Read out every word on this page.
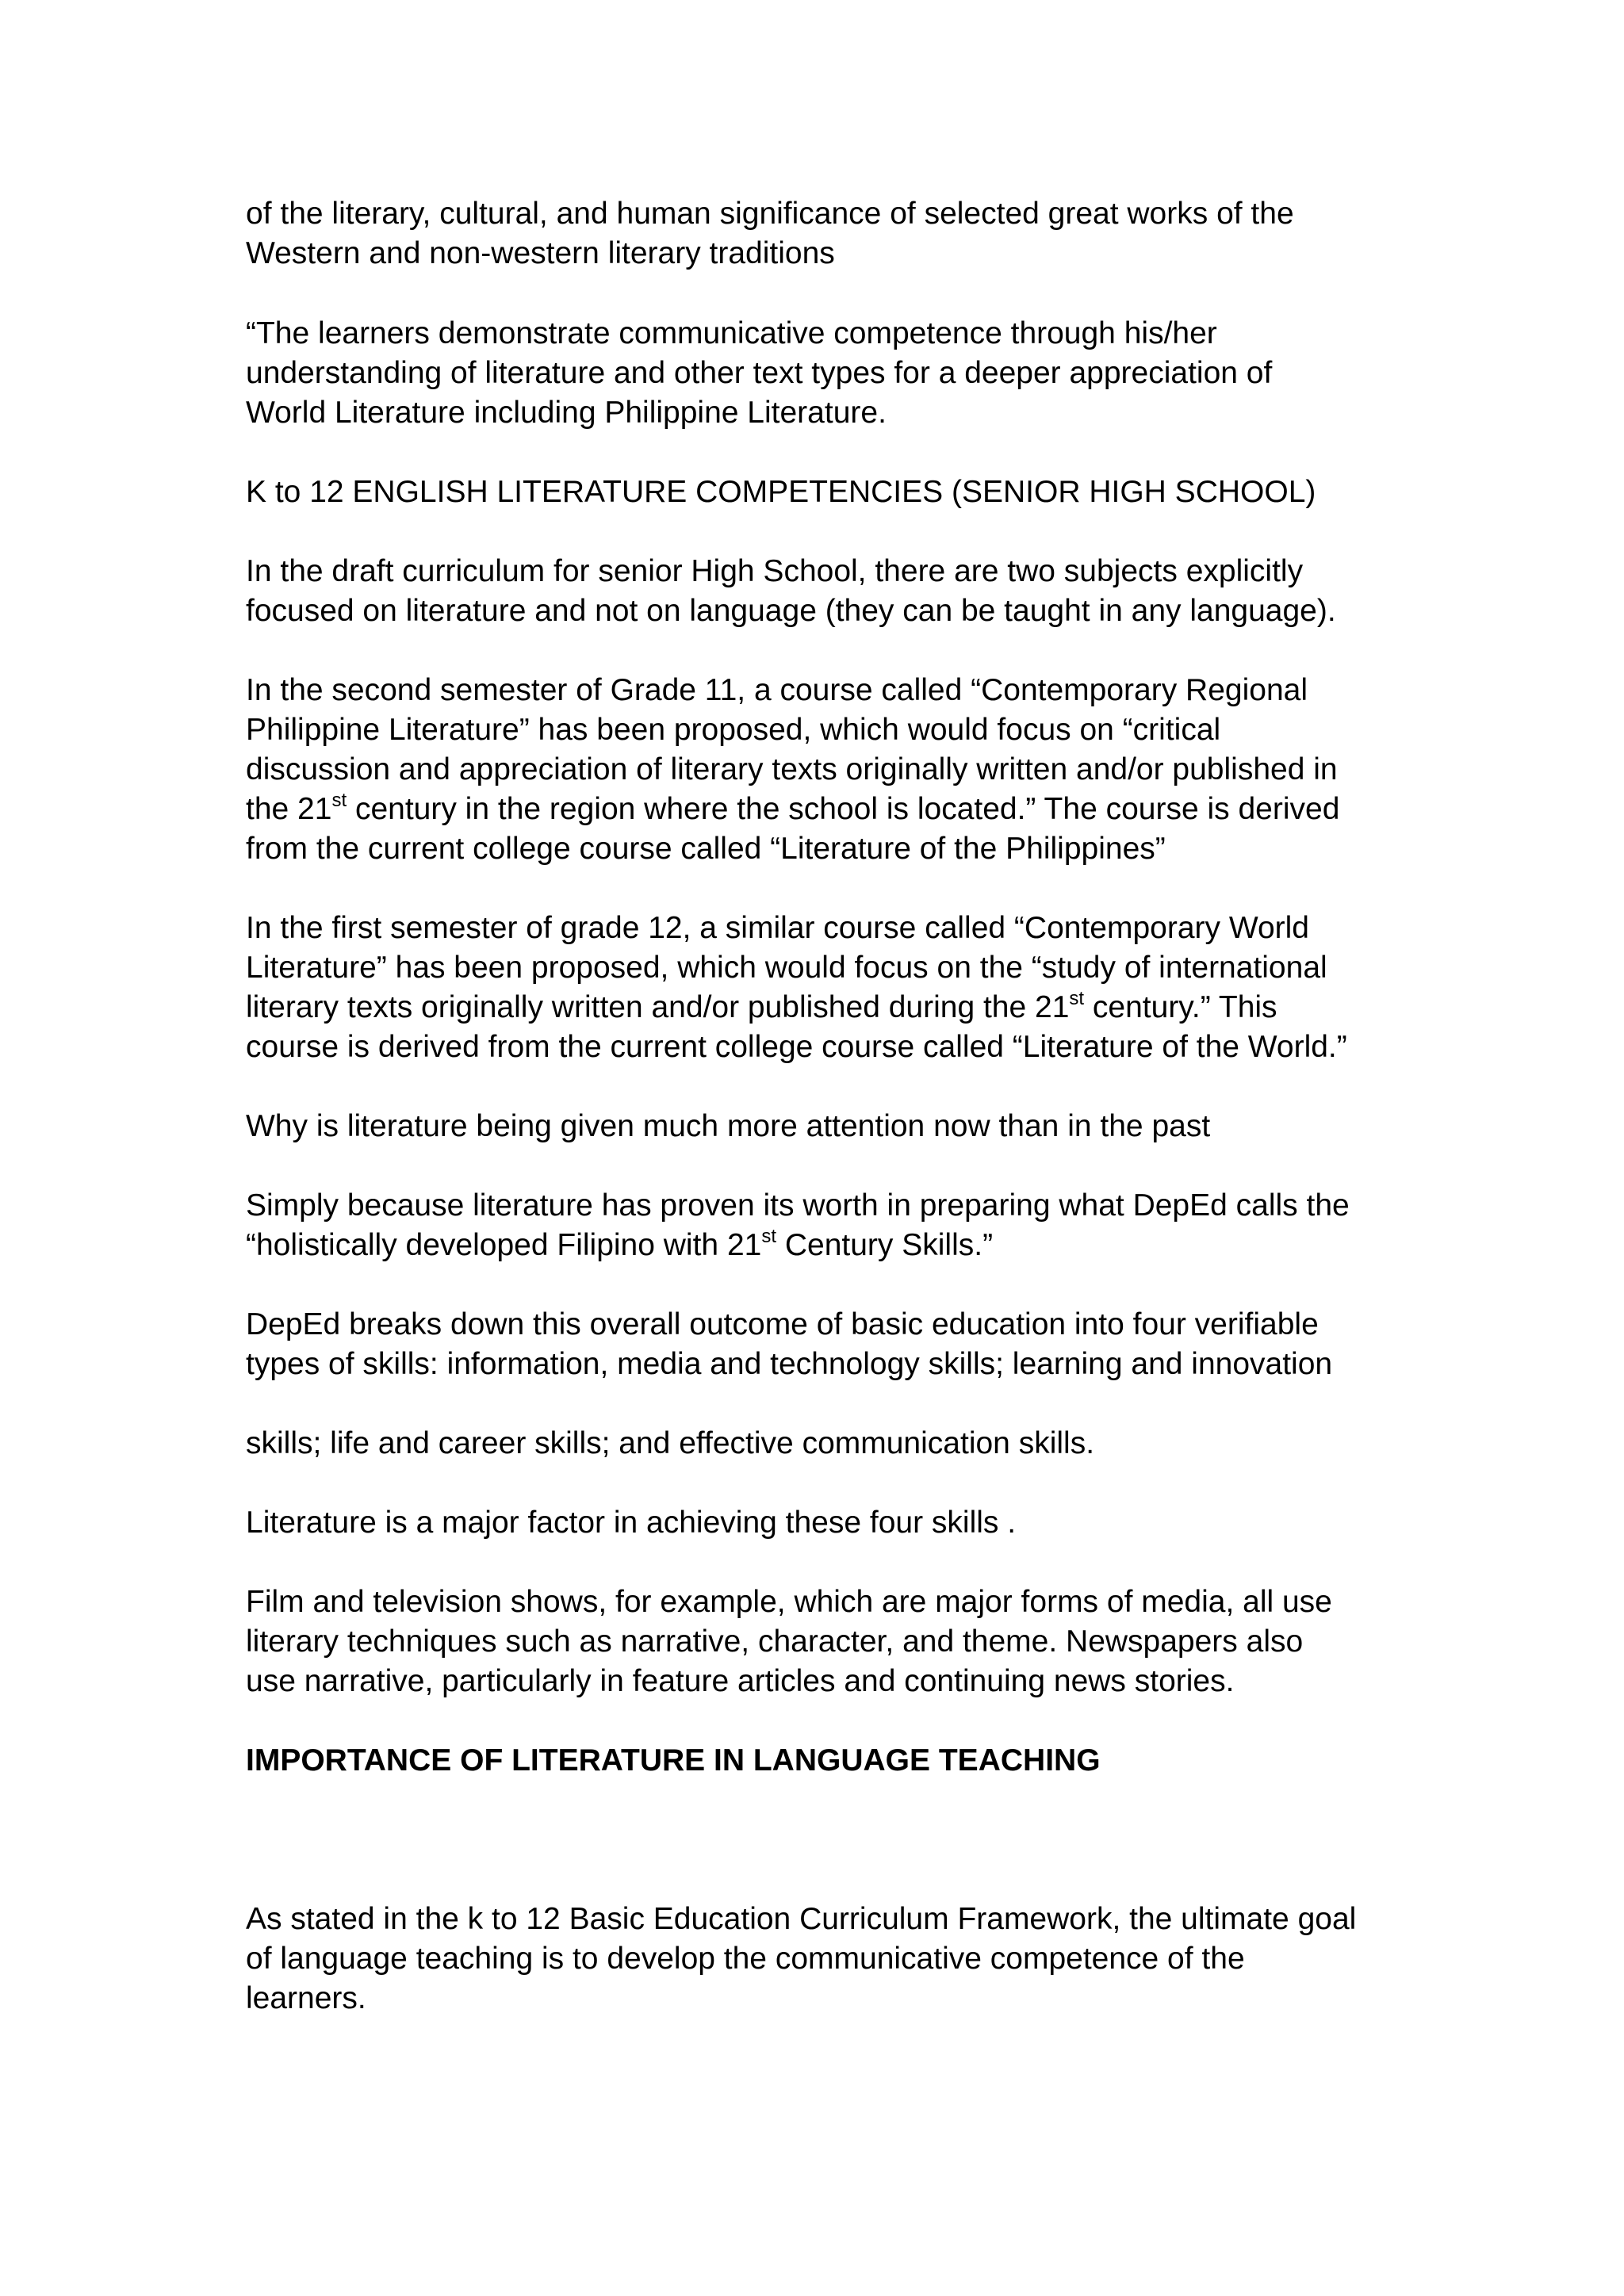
of the literary, cultural, and human significance of selected great works of the
Western and non-western literary traditions
“The learners demonstrate communicative competence through his/her
understanding of literature and other text types for a deeper appreciation of
World Literature including Philippine Literature.
K to 12 ENGLISH LITERATURE COMPETENCIES (SENIOR HIGH SCHOOL)
In the draft curriculum for senior High School, there are two subjects explicitly
focused on literature and not on language (they can be taught in any language).
In the second semester of Grade 11, a course called “Contemporary Regional
Philippine Literature” has been proposed, which would focus on “critical
discussion and appreciation of literary texts originally written and/or published in
the 21st century in the region where the school is located.” The course is derived
from the current college course called “Literature of the Philippines”
In the first semester of grade 12, a similar course called “Contemporary World
Literature” has been proposed, which would focus on the “study of international
literary texts originally written and/or published during the 21st century.” This
course is derived from the current college course called “Literature of the World.”
Why is literature being given much more attention now than in the past
Simply because literature has proven its worth in preparing what DepEd calls the
“holistically developed Filipino with 21st Century Skills.”
DepEd breaks down this overall outcome of basic education into four verifiable
types of skills: information, media and technology skills; learning and innovation
skills; life and career skills; and effective communication skills.
Literature is a major factor in achieving these four skills .
Film and television shows, for example, which are major forms of media, all use
literary techniques such as narrative, character, and theme. Newspapers also
use narrative, particularly in feature articles and continuing news stories.
IMPORTANCE OF LITERATURE IN LANGUAGE TEACHING
As stated in the k to 12 Basic Education Curriculum Framework, the ultimate goal
of language teaching is to develop the communicative competence of the
learners.
